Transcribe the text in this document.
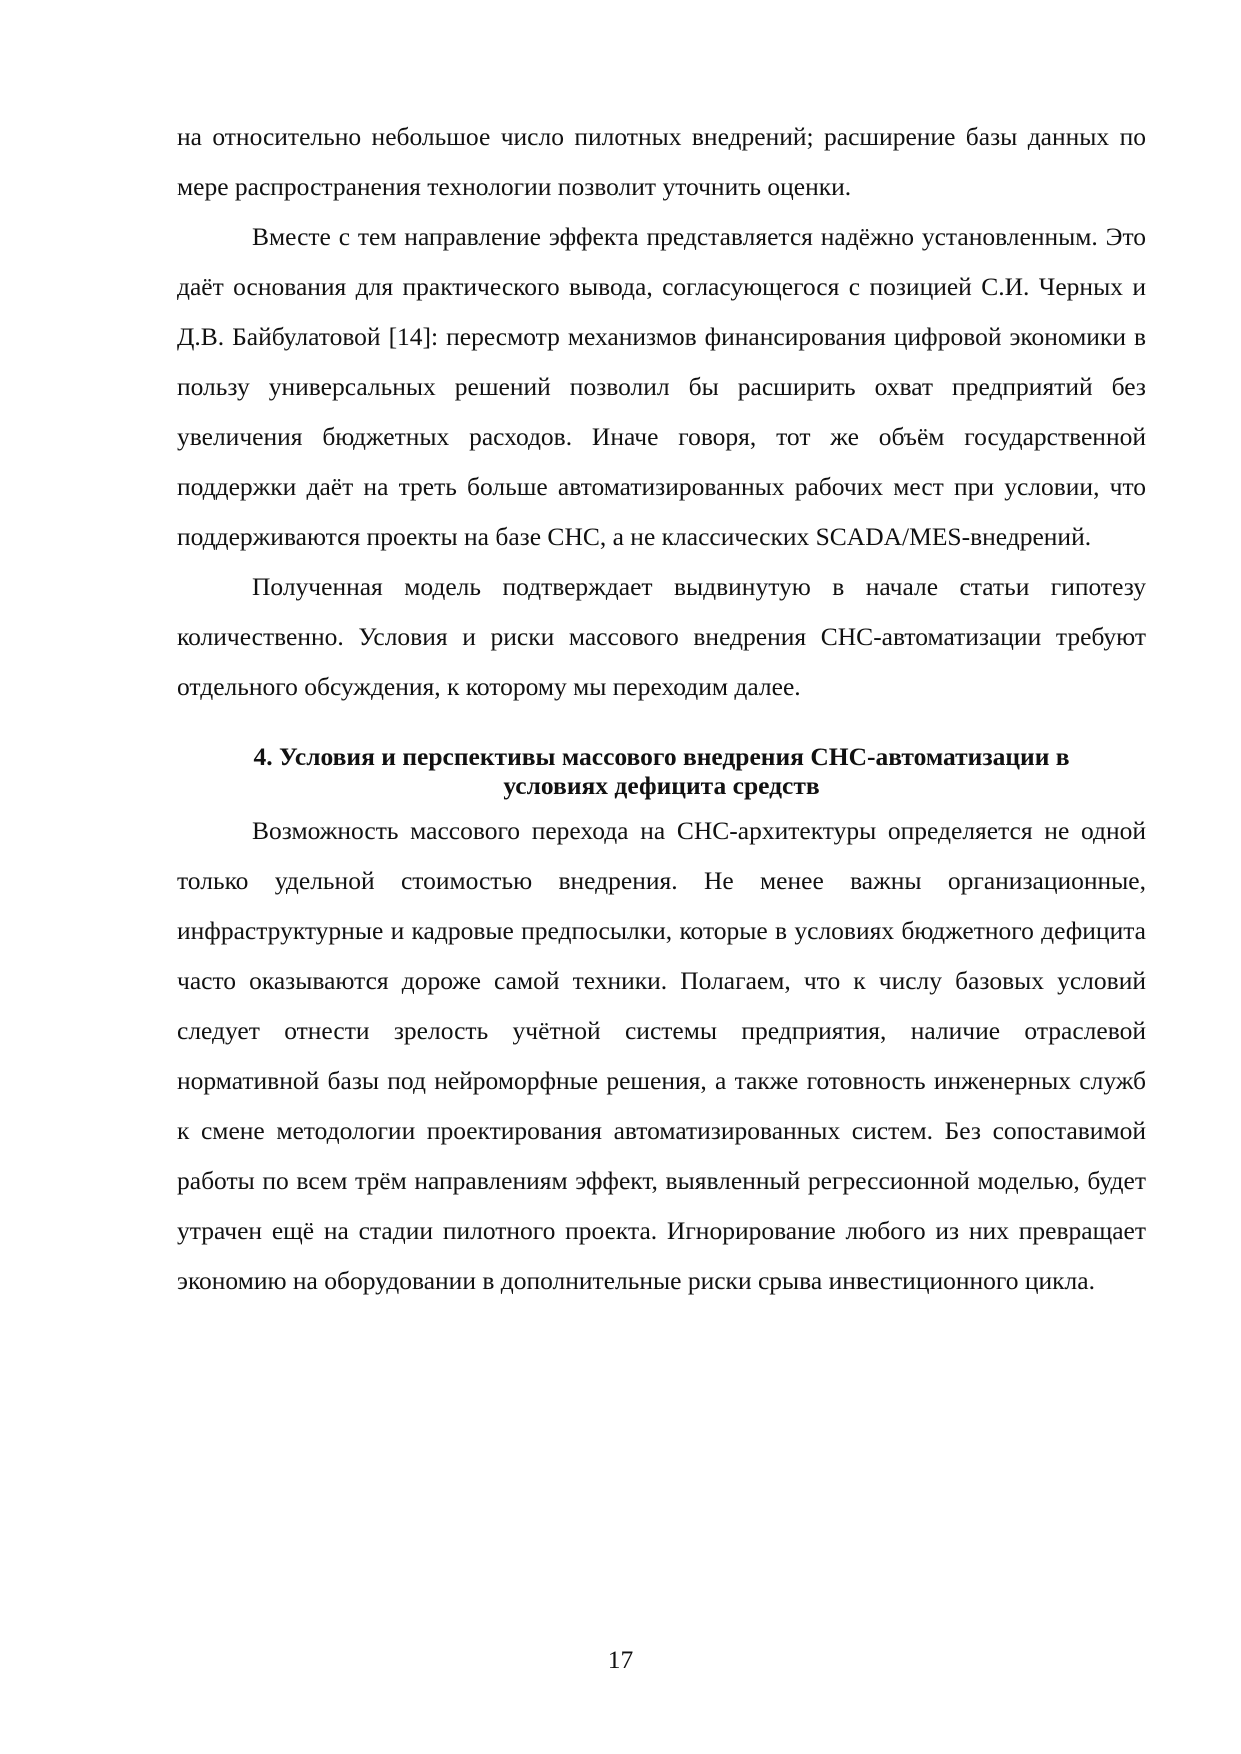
на относительно небольшое число пилотных внедрений; расширение базы данных по мере распространения технологии позволит уточнить оценки.

Вместе с тем направление эффекта представляется надёжно установленным. Это даёт основания для практического вывода, согласующегося с позицией С.И. Черных и Д.В. Байбулатовой [14]: пересмотр механизмов финансирования цифровой экономики в пользу универсальных решений позволил бы расширить охват предприятий без увеличения бюджетных расходов. Иначе говоря, тот же объём государственной поддержки даёт на треть больше автоматизированных рабочих мест при условии, что поддерживаются проекты на базе СНС, а не классических SCADA/MES-внедрений.

Полученная модель подтверждает выдвинутую в начале статьи гипотезу количественно. Условия и риски массового внедрения СНС-автоматизации требуют отдельного обсуждения, к которому мы переходим далее.

4. Условия и перспективы массового внедрения СНС-автоматизации в

условиях дефицита средств

Возможность массового перехода на СНС-архитектуры определяется не одной только удельной стоимостью внедрения. Не менее важны организационные, инфраструктурные и кадровые предпосылки, которые в условиях бюджетного дефицита часто оказываются дороже самой техники. Полагаем, что к числу базовых условий следует отнести зрелость учётной системы предприятия, наличие отраслевой нормативной базы под нейроморфные решения, а также готовность инженерных служб к смене методологии проектирования автоматизированных систем. Без сопоставимой работы по всем трём направлениям эффект, выявленный регрессионной моделью, будет утрачен ещё на стадии пилотного проекта. Игнорирование любого из них превращает экономию на оборудовании в дополнительные риски срыва инвестиционного цикла.

17
